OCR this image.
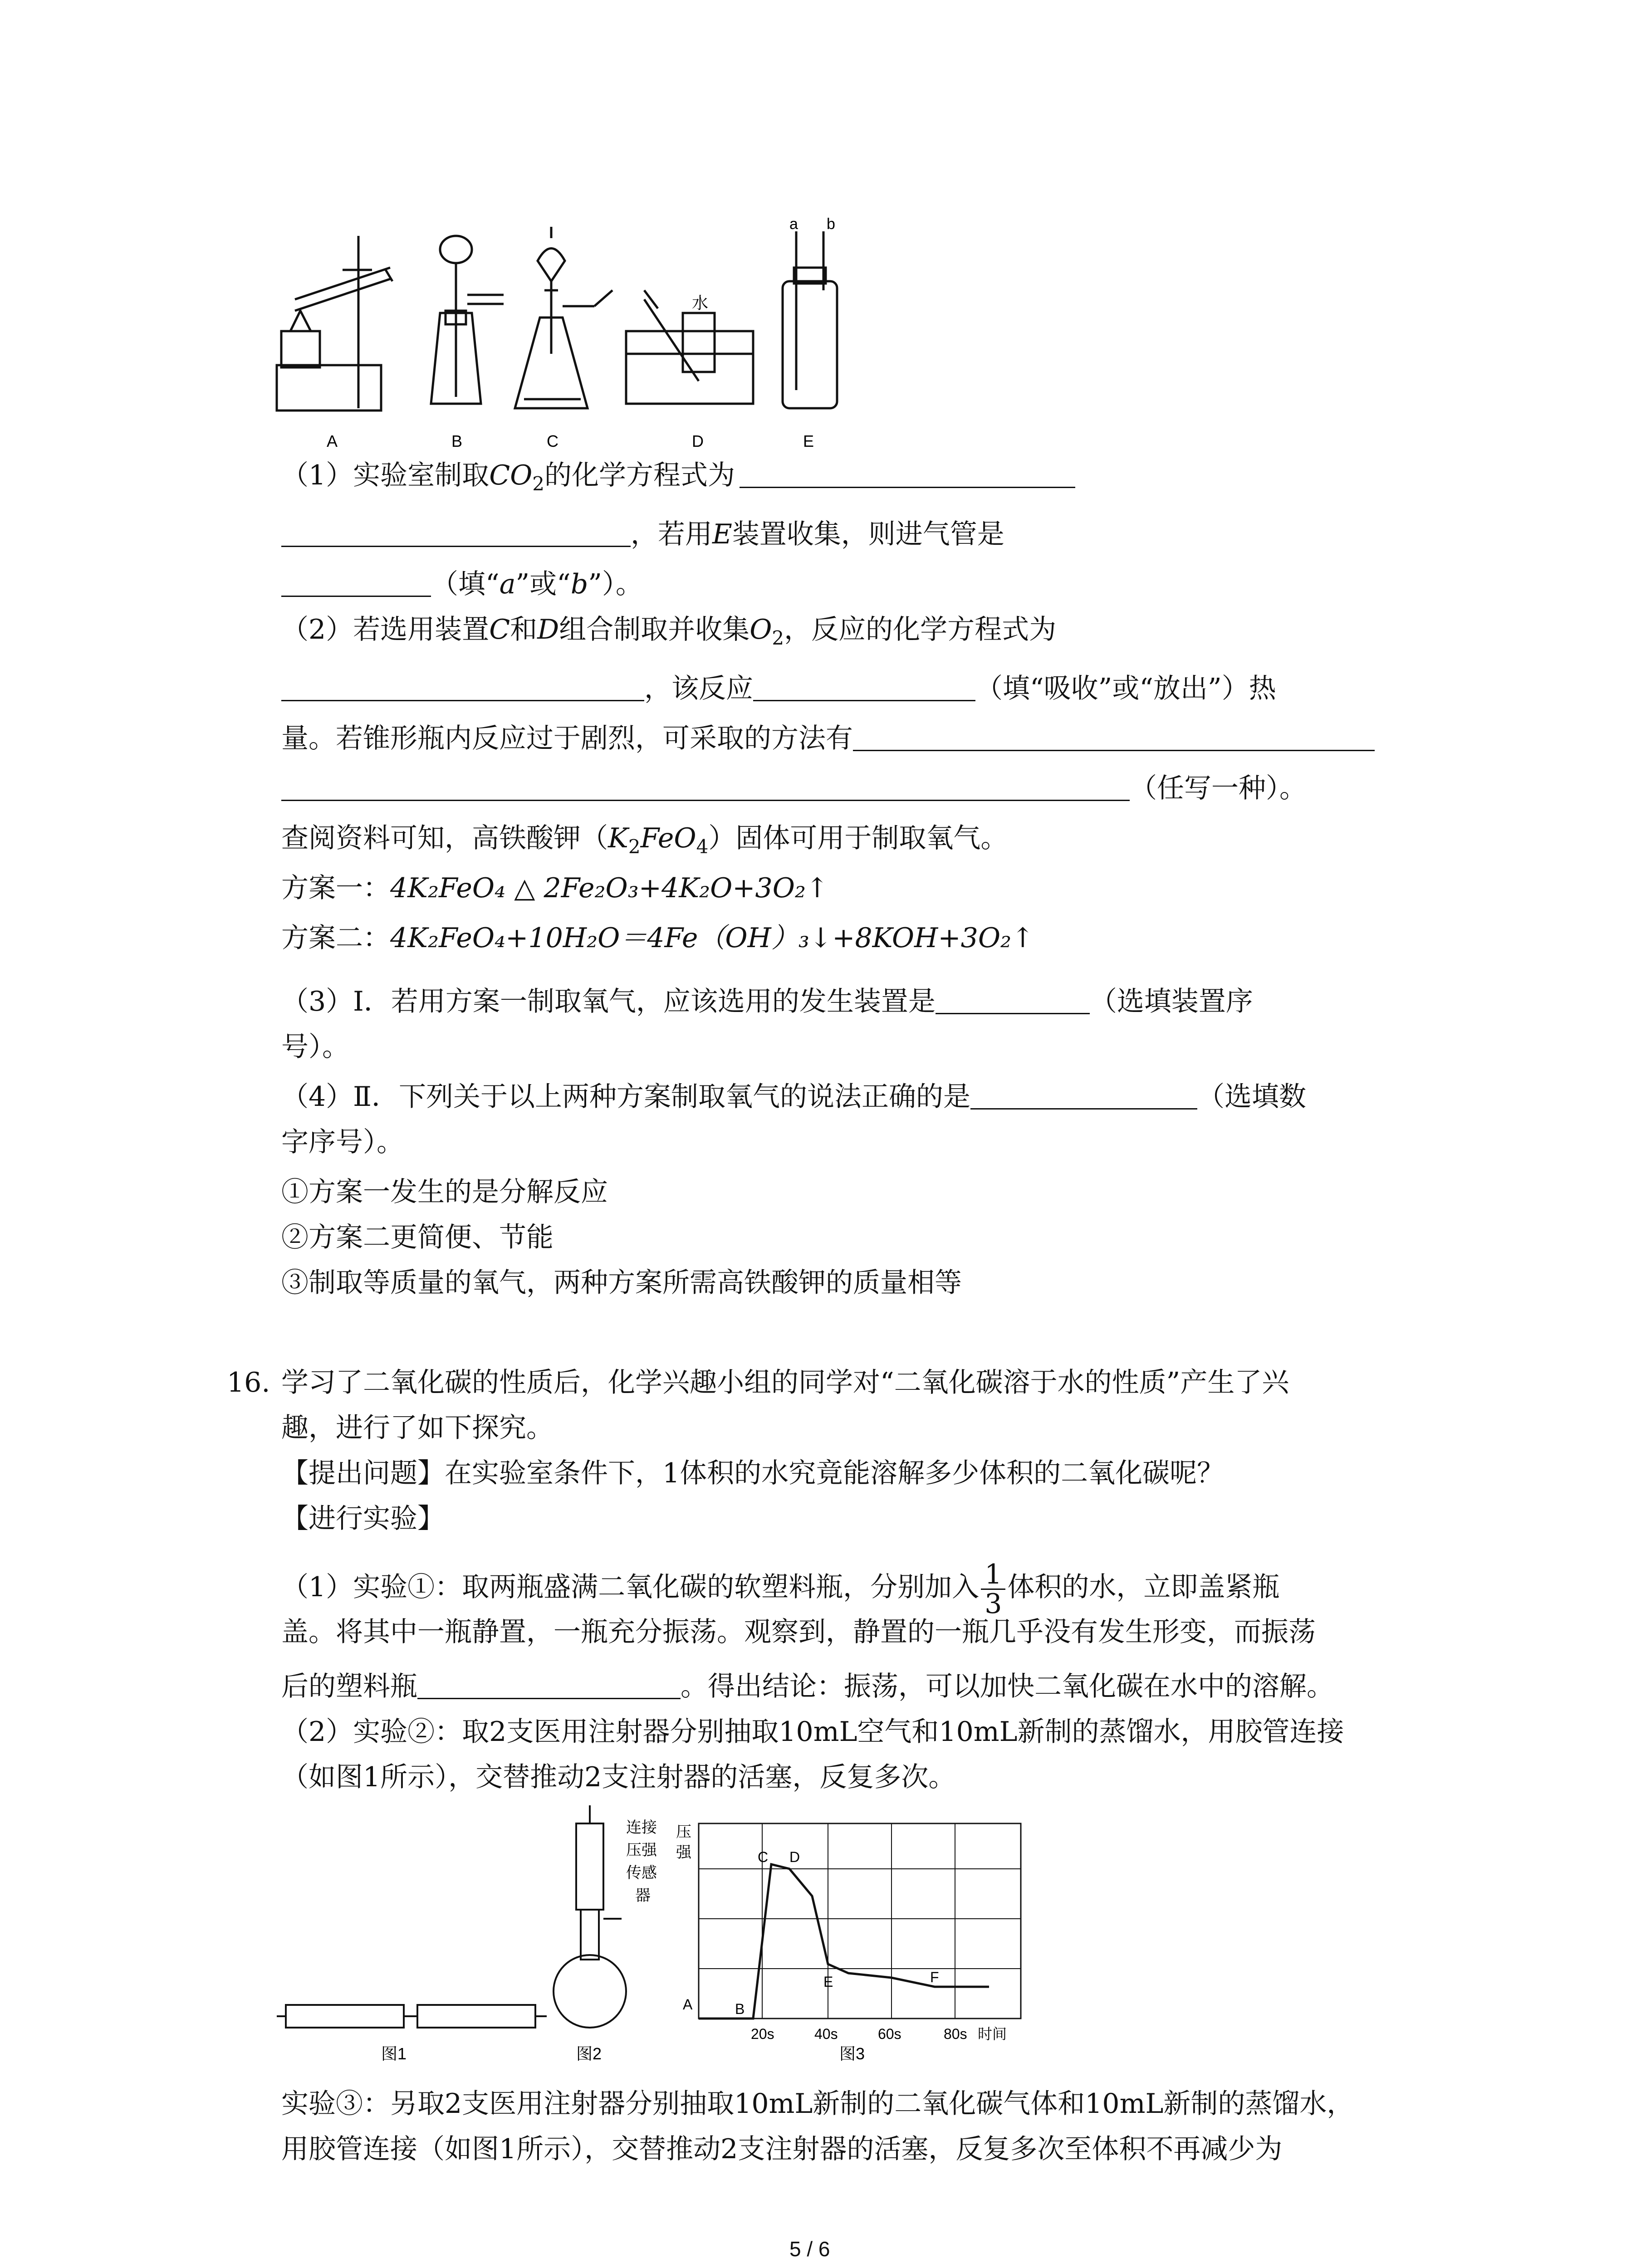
A	B	C	D	E
水
a b
（1）实验室制取$CO_2$的化学方程式为
，若用E装置收集，则进气管是
（填“a”或“b”）。
（2）若选用装置C和D组合制取并收集$O_2$，反应的化学方程式为
，该反应	（填“吸收”或“放出”）热
量。若锥形瓶内反应过于剧烈，可采取的方法有
（任写一种）。
查阅资料可知，高铁酸钾$(K_2FeO_4)$固体可用于制取氧气。
方案一：4K₂FeO₄ △ 2Fe₂O₃+4K₂O+3O₂↑
方案二：4K₂FeO₄+10H₂O＝4Fe（OH）₃↓+8KOH+3O₂↑
（3）Ⅰ．若用方案一制取氧气，应该选用的发生装置是	（选填装置序
号）。
（4）Ⅱ．下列关于以上两种方案制取氧气的说法正确的是	（选填数
字序号）。
①方案一发生的是分解反应
②方案二更简便、节能
③制取等质量的氧气，两种方案所需高铁酸钾的质量相等
16. 学习了二氧化碳的性质后，化学兴趣小组的同学对“二氧化碳溶于水的性质”产生了兴
趣，进行了如下探究。
【提出问题】在实验室条件下，1体积的水究竟能溶解多少体积的二氧化碳呢？
【进行实验】
（1）实验①：取两瓶盛满二氧化碳的软塑料瓶，分别加入 $\frac{1}{3}$ 体积的水，立即盖紧瓶
盖。将其中一瓶静置，一瓶充分振荡。观察到，静置的一瓶几乎没有发生形变，而振荡
后的塑料瓶	。得出结论：振荡，可以加快二氧化碳在水中的溶解。
（2）实验②：取2支医用注射器分别抽取10mL空气和10mL新制的蒸馏水，用胶管连接
（如图1所示），交替推动2支注射器的活塞，反复多次。
图1	图2	图3
连接
压强
传感
器
压
强
A	B
C D
E	F
20s	40s	60s	80s 时间
实验③：另取2支医用注射器分别抽取10mL新制的二氧化碳气体和10mL新制的蒸馏水，
用胶管连接（如图1所示），交替推动2支注射器的活塞，反复多次至体积不再减少为
5 / 6
